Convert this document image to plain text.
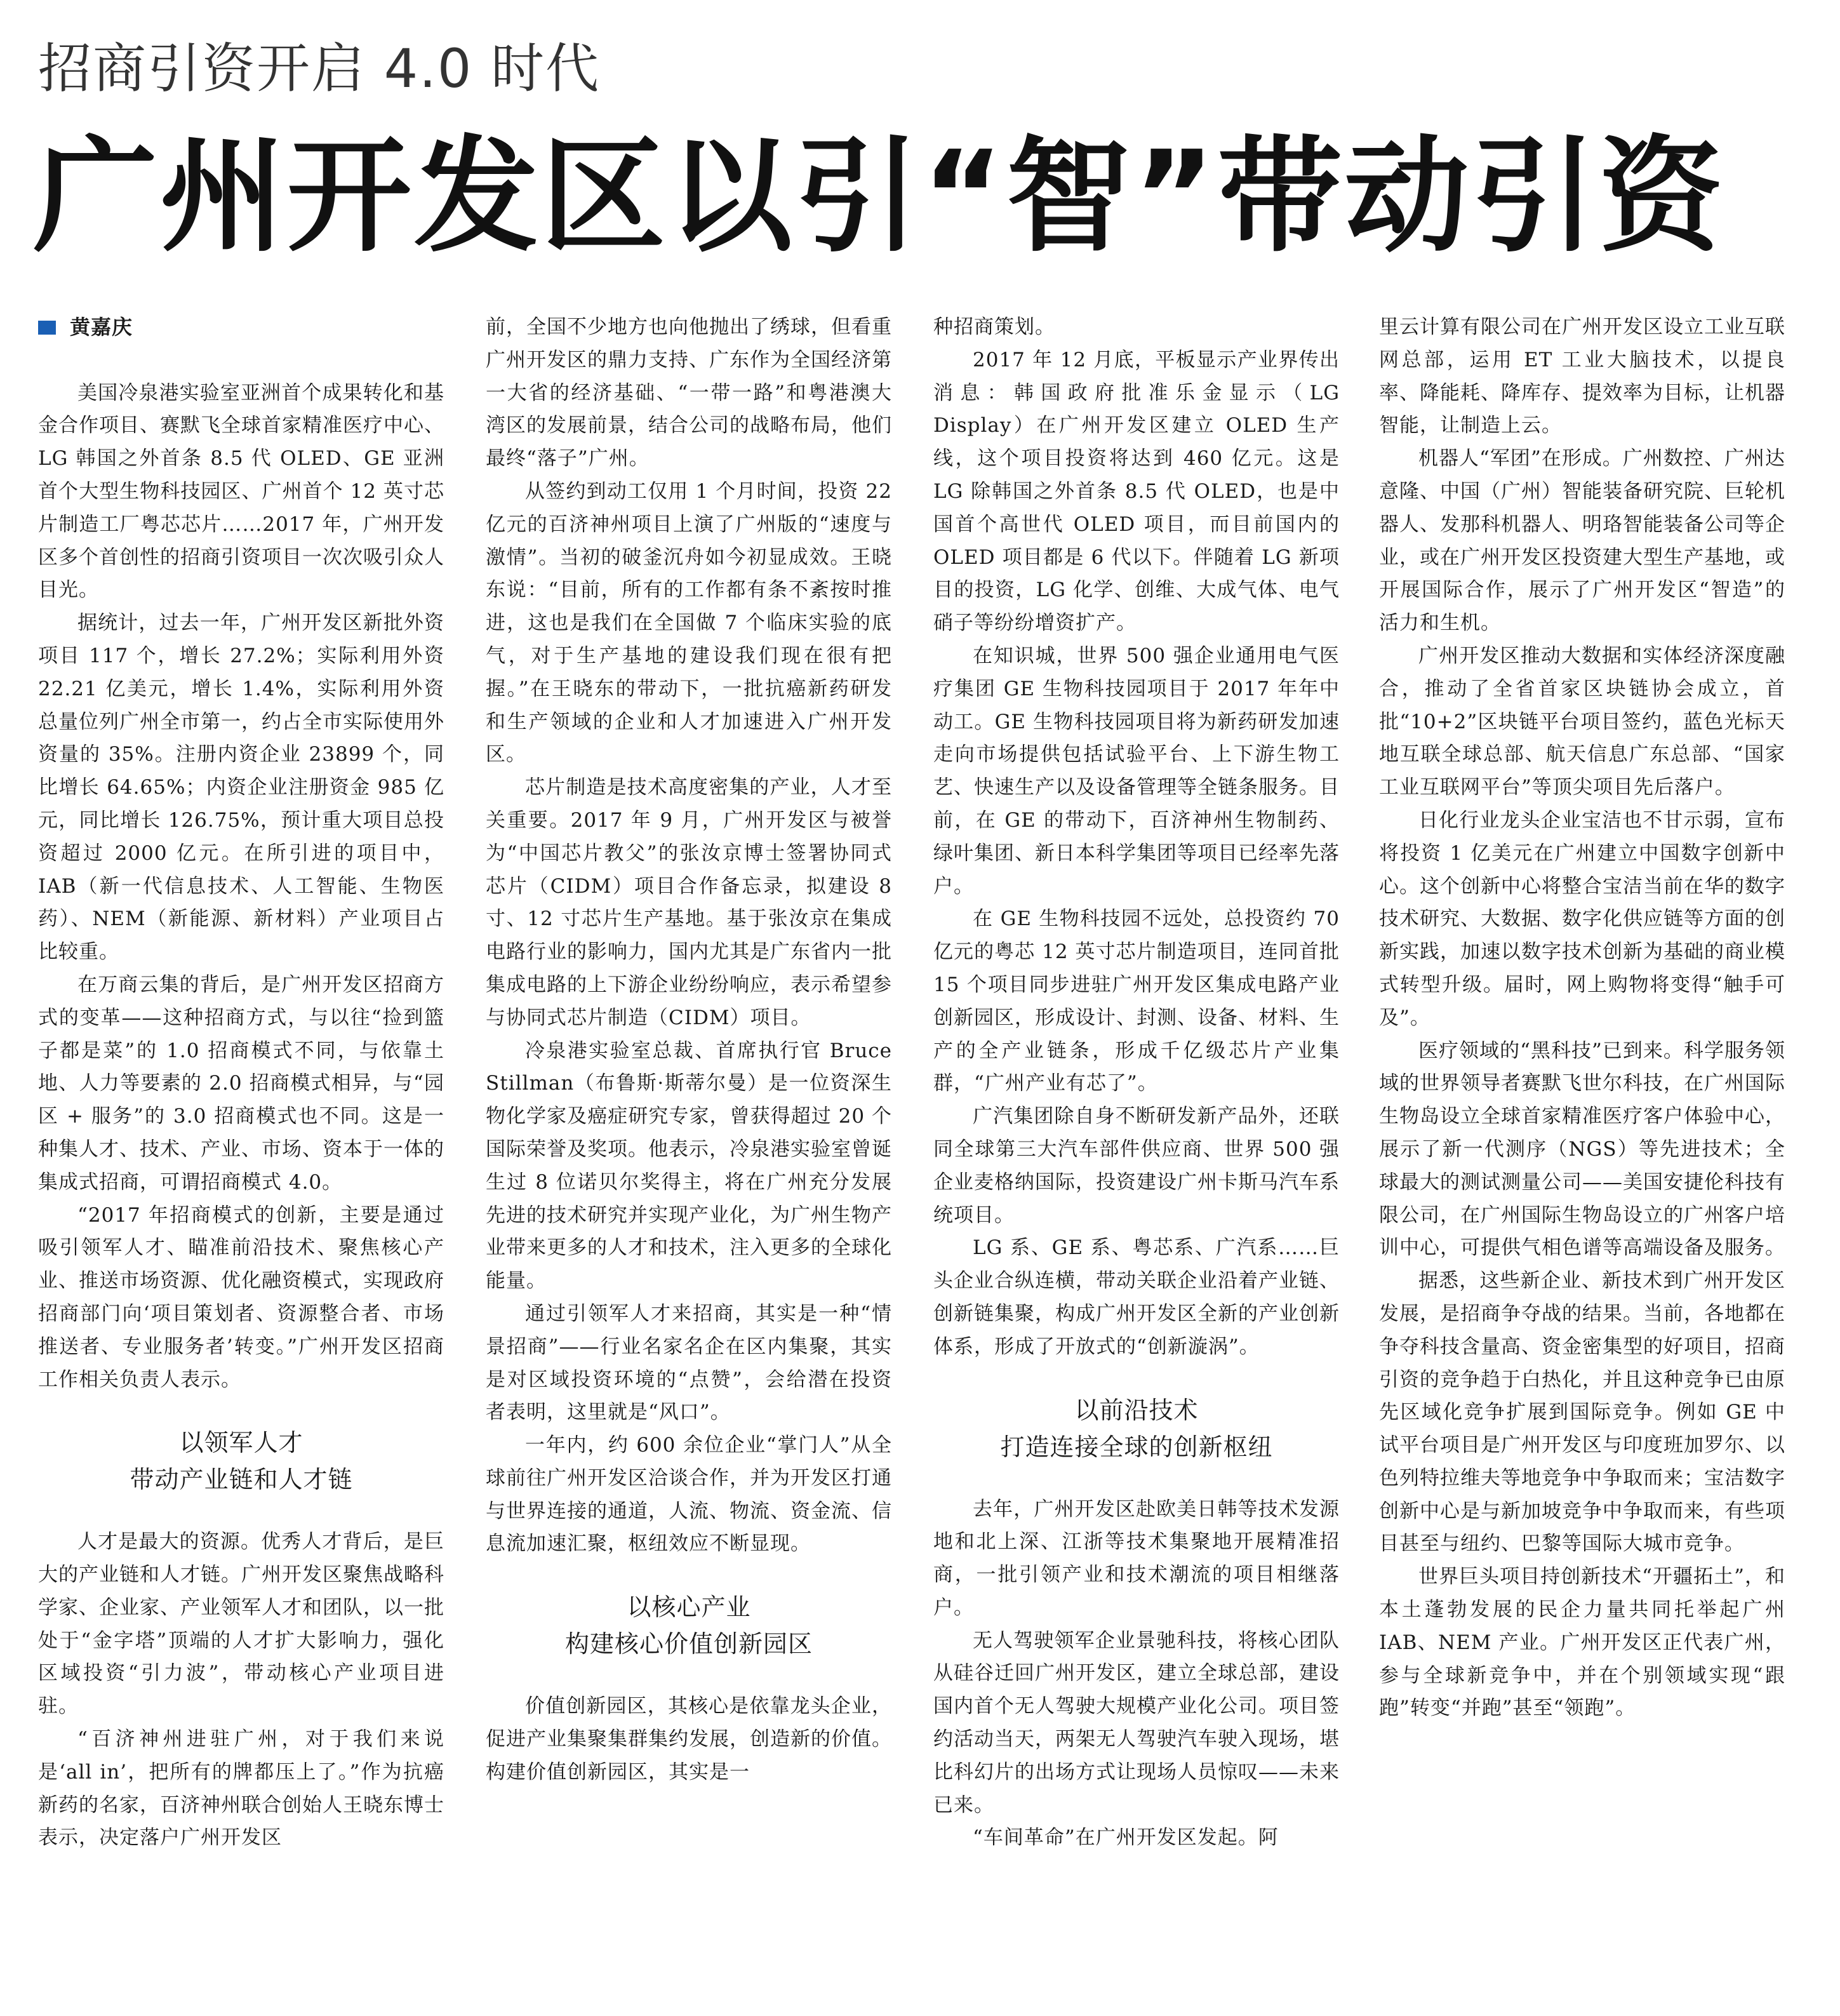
招商引资开启 4.0 时代
广州开发区以引“智”带动引资
黄嘉庆

美国冷泉港实验室亚洲首个成果转化和基金合作项目、赛默飞全球首家精准医疗中心、LG 韩国之外首条 8.5 代 OLED、GE 亚洲首个大型生物科技园区、广州首个 12 英寸芯片制造工厂粤芯芯片……2017 年，广州开发区多个首创性的招商引资项目一次次吸引众人目光。

据统计，过去一年，广州开发区新批外资项目 117 个，增长 27.2%；实际利用外资 22.21 亿美元，增长 1.4%，实际利用外资总量位列广州全市第一，约占全市实际使用外资量的 35%。注册内资企业 23899 个，同比增长 64.65%；内资企业注册资金 985 亿元，同比增长 126.75%，预计重大项目总投资超过 2000 亿元。在所引进的项目中，IAB（新一代信息技术、人工智能、生物医药）、NEM（新能源、新材料）产业项目占比较重。

在万商云集的背后，是广州开发区招商方式的变革——这种招商方式，与以往“捡到篮子都是菜”的 1.0 招商模式不同，与依靠土地、人力等要素的 2.0 招商模式相异，与“园区 + 服务”的 3.0 招商模式也不同。这是一种集人才、技术、产业、市场、资本于一体的集成式招商，可谓招商模式 4.0。

“2017 年招商模式的创新，主要是通过吸引领军人才、瞄准前沿技术、聚焦核心产业、推送市场资源、优化融资模式，实现政府招商部门向‘项目策划者、资源整合者、市场推送者、专业服务者’转变。”广州开发区招商工作相关负责人表示。

以领军人才
带动产业链和人才链

人才是最大的资源。优秀人才背后，是巨大的产业链和人才链。广州开发区聚焦战略科学家、企业家、产业领军人才和团队，以一批处于“金字塔”顶端的人才扩大影响力，强化区域投资“引力波”，带动核心产业项目进驻。

“百济神州进驻广州，对于我们来说是‘all in’，把所有的牌都压上了。”作为抗癌新药的名家，百济神州联合创始人王晓东博士表示，决定落户广州开发区

前，全国不少地方也向他抛出了绣球，但看重广州开发区的鼎力支持、广东作为全国经济第一大省的经济基础、“一带一路”和粤港澳大湾区的发展前景，结合公司的战略布局，他们最终“落子”广州。

从签约到动工仅用 1 个月时间，投资 22 亿元的百济神州项目上演了广州版的“速度与激情”。当初的破釜沉舟如今初显成效。王晓东说：“目前，所有的工作都有条不紊按时推进，这也是我们在全国做 7 个临床实验的底气，对于生产基地的建设我们现在很有把握。”在王晓东的带动下，一批抗癌新药研发和生产领域的企业和人才加速进入广州开发区。

芯片制造是技术高度密集的产业，人才至关重要。2017 年 9 月，广州开发区与被誉为“中国芯片教父”的张汝京博士签署协同式芯片（CIDM）项目合作备忘录，拟建设 8 寸、12 寸芯片生产基地。基于张汝京在集成电路行业的影响力，国内尤其是广东省内一批集成电路的上下游企业纷纷响应，表示希望参与协同式芯片制造（CIDM）项目。

冷泉港实验室总裁、首席执行官 Bruce Stillman（布鲁斯·斯蒂尔曼）是一位资深生物化学家及癌症研究专家，曾获得超过 20 个国际荣誉及奖项。他表示，冷泉港实验室曾诞生过 8 位诺贝尔奖得主，将在广州充分发展先进的技术研究并实现产业化，为广州生物产业带来更多的人才和技术，注入更多的全球化能量。

通过引领军人才来招商，其实是一种“情景招商”——行业名家名企在区内集聚，其实是对区域投资环境的“点赞”，会给潜在投资者表明，这里就是“风口”。

一年内，约 600 余位企业“掌门人”从全球前往广州开发区洽谈合作，并为开发区打通与世界连接的通道，人流、物流、资金流、信息流加速汇聚，枢纽效应不断显现。

以核心产业
构建核心价值创新园区

价值创新园区，其核心是依靠龙头企业，促进产业集聚集群集约发展，创造新的价值。构建价值创新园区，其实是一

种招商策划。

2017 年 12 月底，平板显示产业界传出消息：韩国政府批准乐金显示（LG Display）在广州开发区建立 OLED 生产线，这个项目投资将达到 460 亿元。这是 LG 除韩国之外首条 8.5 代 OLED，也是中国首个高世代 OLED 项目，而目前国内的 OLED 项目都是 6 代以下。伴随着 LG 新项目的投资，LG 化学、创维、大成气体、电气硝子等纷纷增资扩产。

在知识城，世界 500 强企业通用电气医疗集团 GE 生物科技园项目于 2017 年年中动工。GE 生物科技园项目将为新药研发加速走向市场提供包括试验平台、上下游生物工艺、快速生产以及设备管理等全链条服务。目前，在 GE 的带动下，百济神州生物制药、绿叶集团、新日本科学集团等项目已经率先落户。

在 GE 生物科技园不远处，总投资约 70 亿元的粤芯 12 英寸芯片制造项目，连同首批 15 个项目同步进驻广州开发区集成电路产业创新园区，形成设计、封测、设备、材料、生产的全产业链条，形成千亿级芯片产业集群，“广州产业有芯了”。

广汽集团除自身不断研发新产品外，还联同全球第三大汽车部件供应商、世界 500 强企业麦格纳国际，投资建设广州卡斯马汽车系统项目。

LG 系、GE 系、粤芯系、广汽系……巨头企业合纵连横，带动关联企业沿着产业链、创新链集聚，构成广州开发区全新的产业创新体系，形成了开放式的“创新漩涡”。

以前沿技术
打造连接全球的创新枢纽

去年，广州开发区赴欧美日韩等技术发源地和北上深、江浙等技术集聚地开展精准招商，一批引领产业和技术潮流的项目相继落户。

无人驾驶领军企业景驰科技，将核心团队从硅谷迁回广州开发区，建立全球总部，建设国内首个无人驾驶大规模产业化公司。项目签约活动当天，两架无人驾驶汽车驶入现场，堪比科幻片的出场方式让现场人员惊叹——未来已来。

“车间革命”在广州开发区发起。阿

里云计算有限公司在广州开发区设立工业互联网总部，运用 ET 工业大脑技术，以提良率、降能耗、降库存、提效率为目标，让机器智能，让制造上云。

机器人“军团”在形成。广州数控、广州达意隆、中国（广州）智能装备研究院、巨轮机器人、发那科机器人、明珞智能装备公司等企业，或在广州开发区投资建大型生产基地，或开展国际合作，展示了广州开发区“智造”的活力和生机。

广州开发区推动大数据和实体经济深度融合，推动了全省首家区块链协会成立，首批“10+2”区块链平台项目签约，蓝色光标天地互联全球总部、航天信息广东总部、“国家工业互联网平台”等顶尖项目先后落户。

日化行业龙头企业宝洁也不甘示弱，宣布将投资 1 亿美元在广州建立中国数字创新中心。这个创新中心将整合宝洁当前在华的数字技术研究、大数据、数字化供应链等方面的创新实践，加速以数字技术创新为基础的商业模式转型升级。届时，网上购物将变得“触手可及”。

医疗领域的“黑科技”已到来。科学服务领域的世界领导者赛默飞世尔科技，在广州国际生物岛设立全球首家精准医疗客户体验中心，展示了新一代测序（NGS）等先进技术；全球最大的测试测量公司——美国安捷伦科技有限公司，在广州国际生物岛设立的广州客户培训中心，可提供气相色谱等高端设备及服务。

据悉，这些新企业、新技术到广州开发区发展，是招商争夺战的结果。当前，各地都在争夺科技含量高、资金密集型的好项目，招商引资的竞争趋于白热化，并且这种竞争已由原先区域化竞争扩展到国际竞争。例如 GE 中试平台项目是广州开发区与印度班加罗尔、以色列特拉维夫等地竞争中争取而来；宝洁数字创新中心是与新加坡竞争中争取而来，有些项目甚至与纽约、巴黎等国际大城市竞争。

世界巨头项目持创新技术“开疆拓土”，和本土蓬勃发展的民企力量共同托举起广州 IAB、NEM 产业。广州开发区正代表广州，参与全球新竞争中，并在个别领域实现“跟跑”转变“并跑”甚至“领跑”。
